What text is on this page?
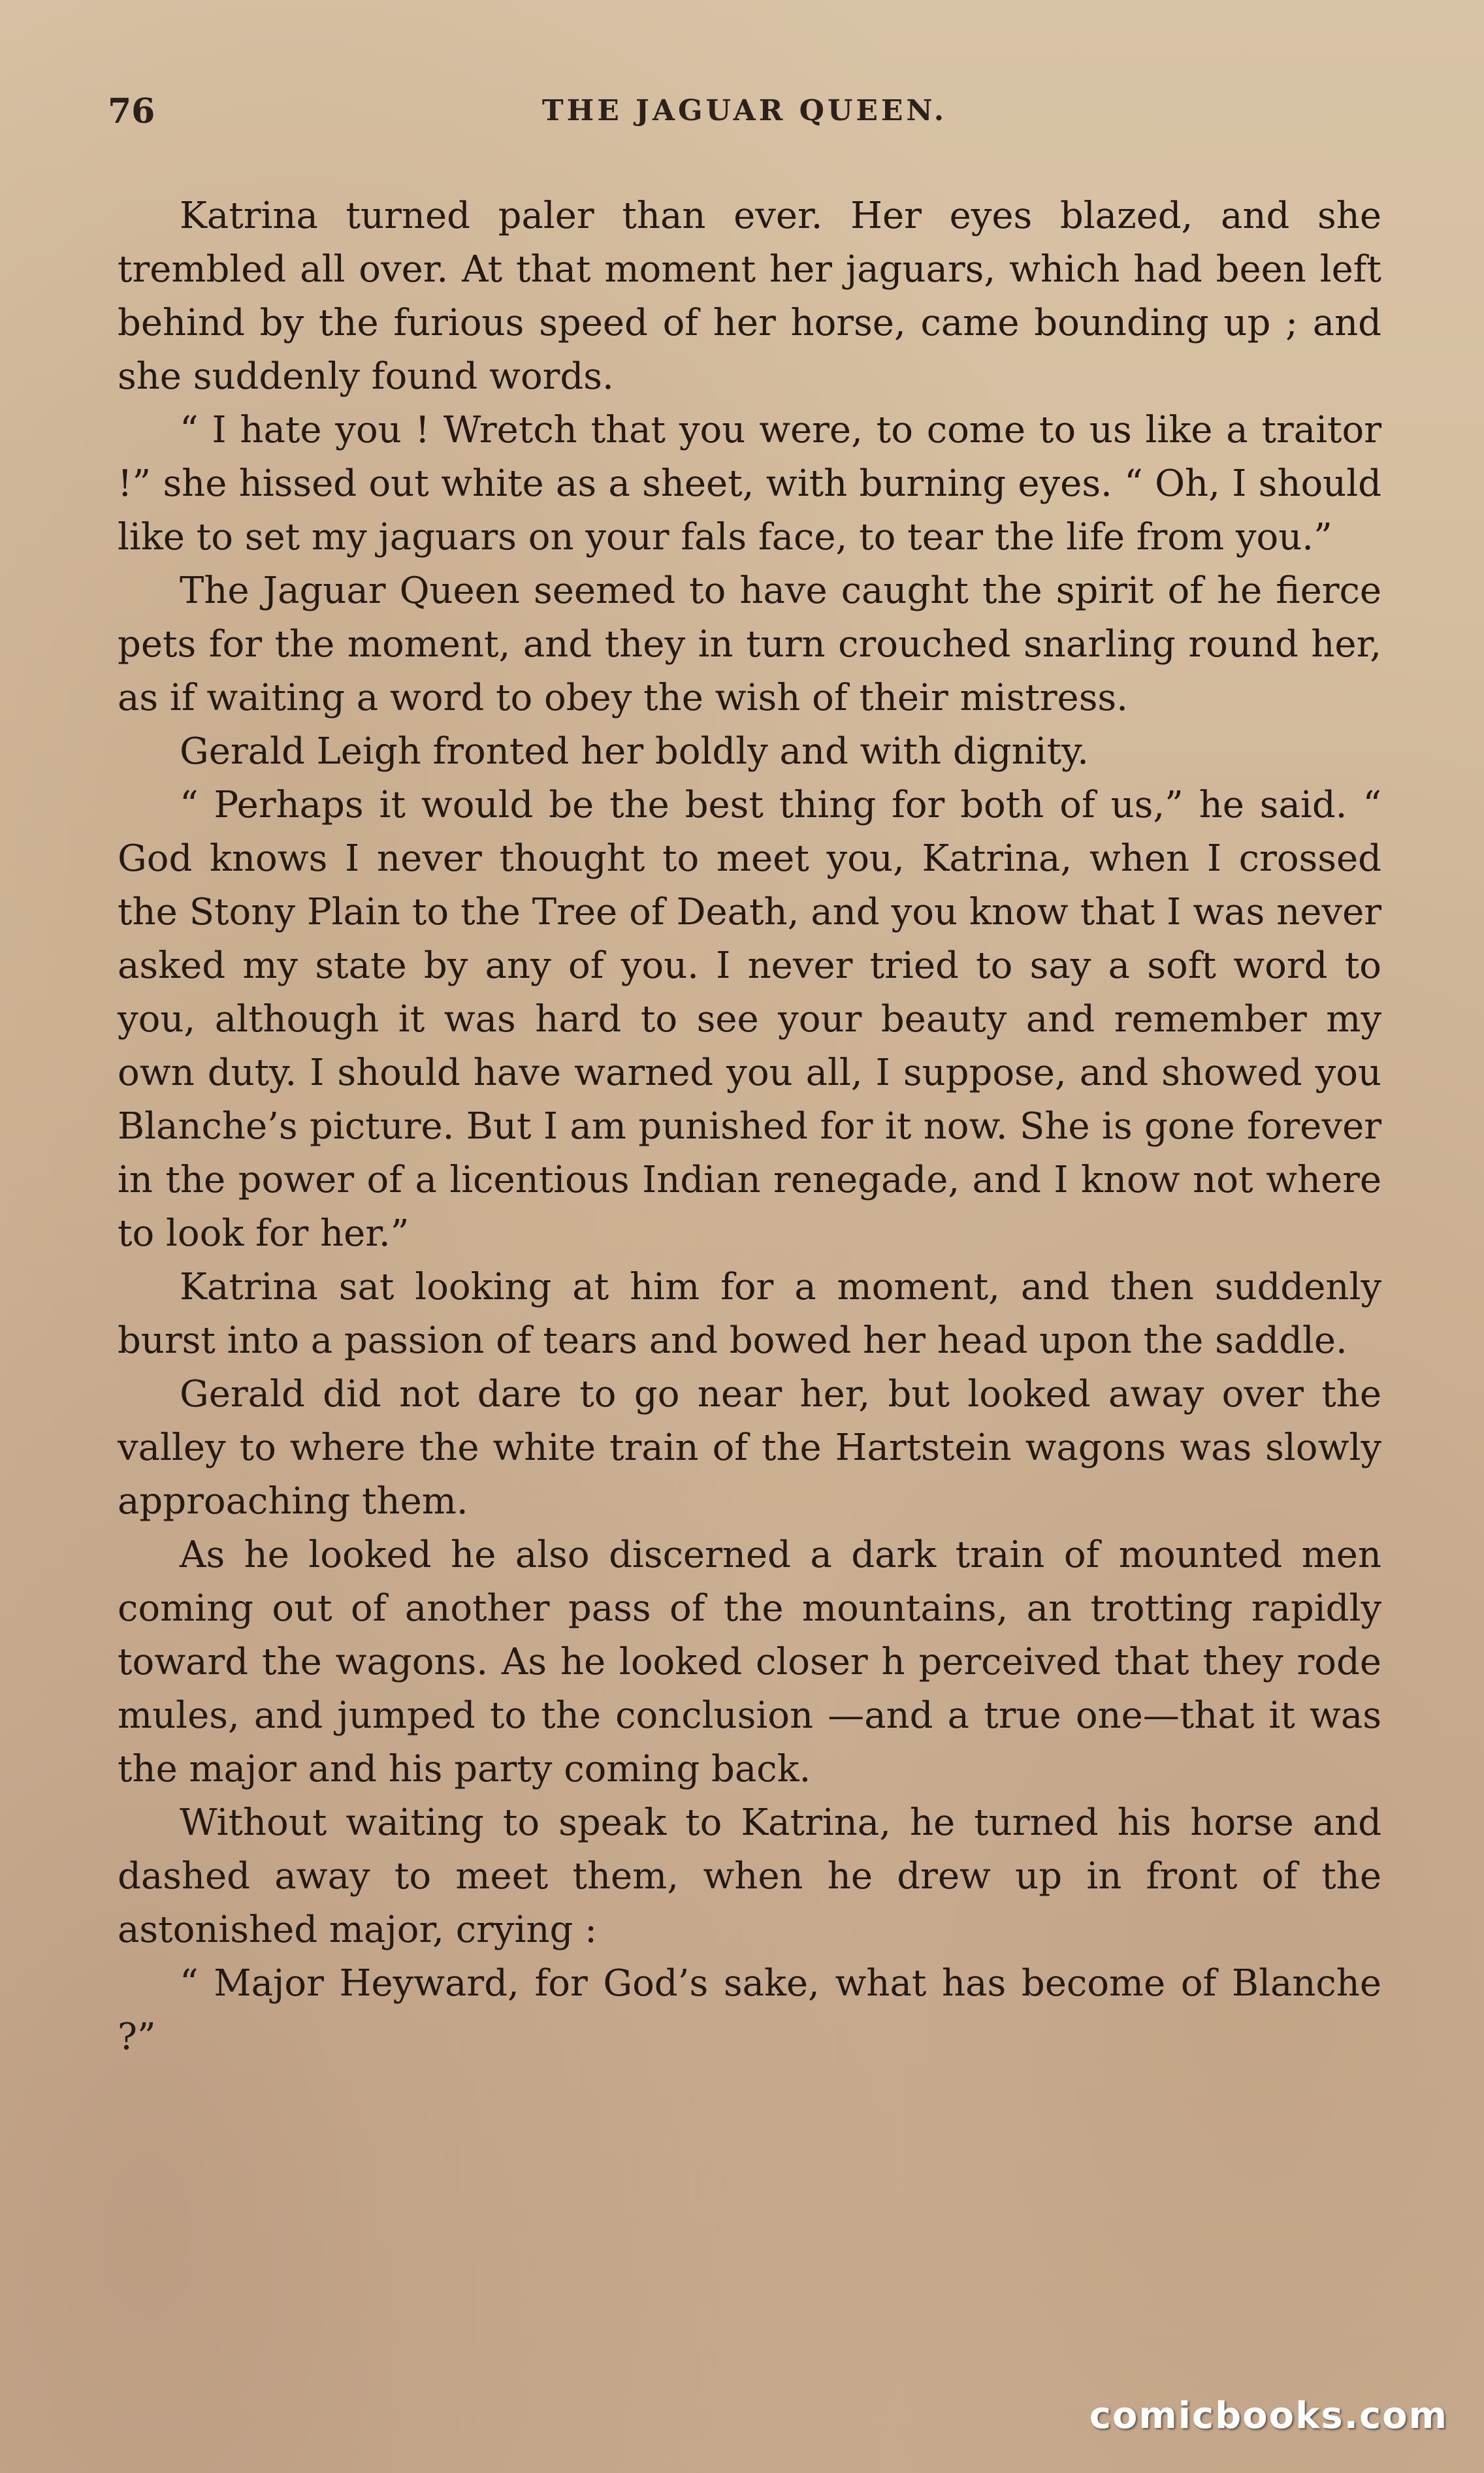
76	THE JAGUAR QUEEN.

Katrina turned paler than ever. Her eyes blazed, and she trembled all over. At that moment her jaguars, which had been left behind by the furious speed of her horse, came bounding up ; and she suddenly found words.

“ I hate you ! Wretch that you were, to come to us like a traitor !” she hissed out white as a sheet, with burning eyes. “ Oh, I should like to set my jaguars on your fals face, to tear the life from you.”

The Jaguar Queen seemed to have caught the spirit of he fierce pets for the moment, and they in turn crouched snarling round her, as if waiting a word to obey the wish of their mistress.

Gerald Leigh fronted her boldly and with dignity.

“ Perhaps it would be the best thing for both of us,” he said. “ God knows I never thought to meet you, Katrina, when I crossed the Stony Plain to the Tree of Death, and you know that I was never asked my state by any of you. I never tried to say a soft word to you, although it was hard to see your beauty and remember my own duty. I should have warned you all, I suppose, and showed you Blanche’s picture. But I am punished for it now. She is gone forever in the power of a licentious Indian renegade, and I know not where to look for her.”

Katrina sat looking at him for a moment, and then suddenly burst into a passion of tears and bowed her head upon the saddle.

Gerald did not dare to go near her, but looked away over the valley to where the white train of the Hartstein wagons was slowly approaching them.

As he looked he also discerned a dark train of mounted men coming out of another pass of the mountains, an trotting rapidly toward the wagons. As he looked closer h perceived that they rode mules, and jumped to the conclusion —and a true one—that it was the major and his party coming back.

Without waiting to speak to Katrina, he turned his horse and dashed away to meet them, when he drew up in front of the astonished major, crying :

“ Major Heyward, for God’s sake, what has become of Blanche ?”

comicbooks.com
